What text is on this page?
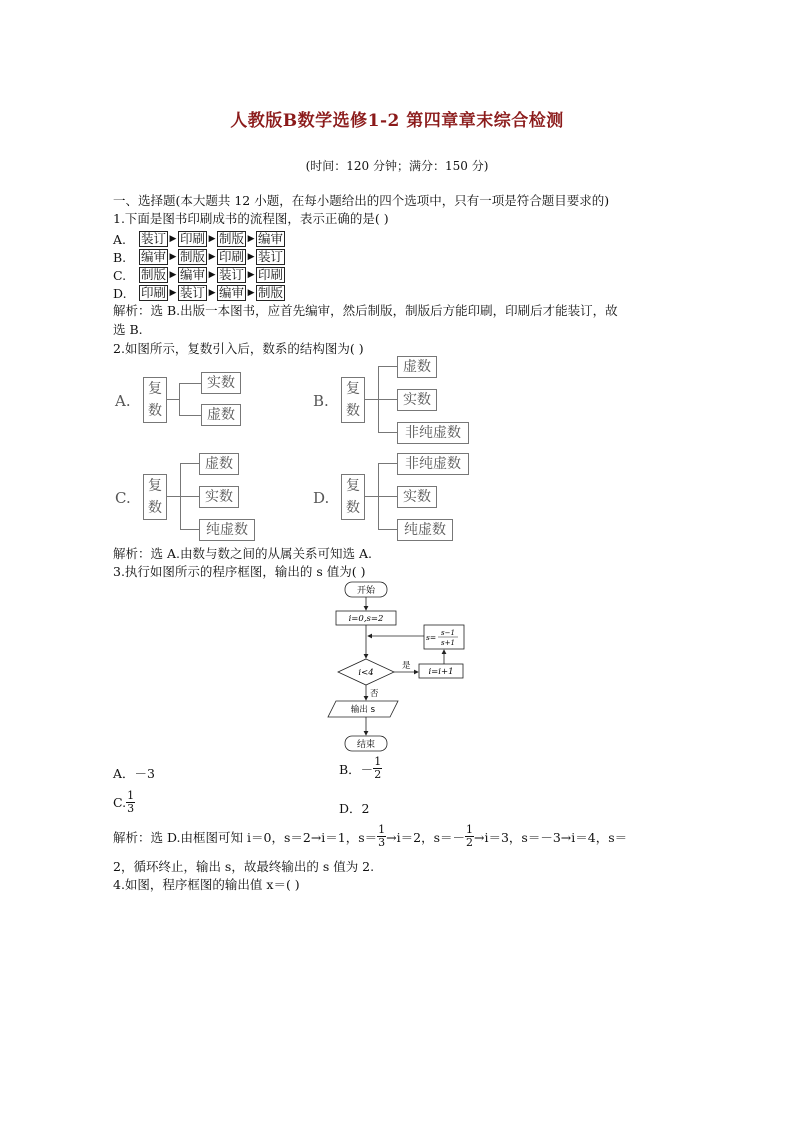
人教版B数学选修1-2 第四章章末综合检测
(时间：120 分钟；满分：150 分)
一、选择题(本大题共 12 小题，在每小题给出的四个选项中，只有一项是符合题目要求的)
1.下面是图书印刷成书的流程图，表示正确的是( )
A.	装订 ▶ 印刷 ▶ 制版 ▶ 编审
B.	编审 ▶ 制版 ▶ 印刷 ▶ 装订
C.	制版 ▶ 编审 ▶ 装订 ▶ 印刷
D.	印刷 ▶ 装订 ▶ 编审 ▶ 制版
解析：选 B.出版一本图书，应首先编审，然后制版，制版后方能印刷，印刷后才能装订，故
选 B.
2.如图所示，复数引入后，数系的结构图为( )
A.
复
数
实数
虚数
B.
复
数
虚数
实数
非纯虚数
C.
复
数
虚数
实数
纯虚数
D.
复
数
非纯虚数
实数
纯虚数
解析：选 A.由数与数之间的从属关系可知选 A.
3.执行如图所示的程序框图，输出的 s 值为( )
开始
i=0,s=2
s= s−1
s+1
i<4
是
i=i+1
否
输出 s
结束
A．－3	B．－ $\frac{1}{2}$
C. $\frac{1}{3}$	D．2
解析：选 D.由框图可知 i＝0，s＝2→i＝1，$s= \frac{1}{3} \to i=2$，$s=- \frac{1}{2} \to i=3$，s＝－3→i＝4，s＝
2，循环终止，输出 s，故最终输出的 s 值为 2.
4.如图，程序框图的输出值 x＝( )
